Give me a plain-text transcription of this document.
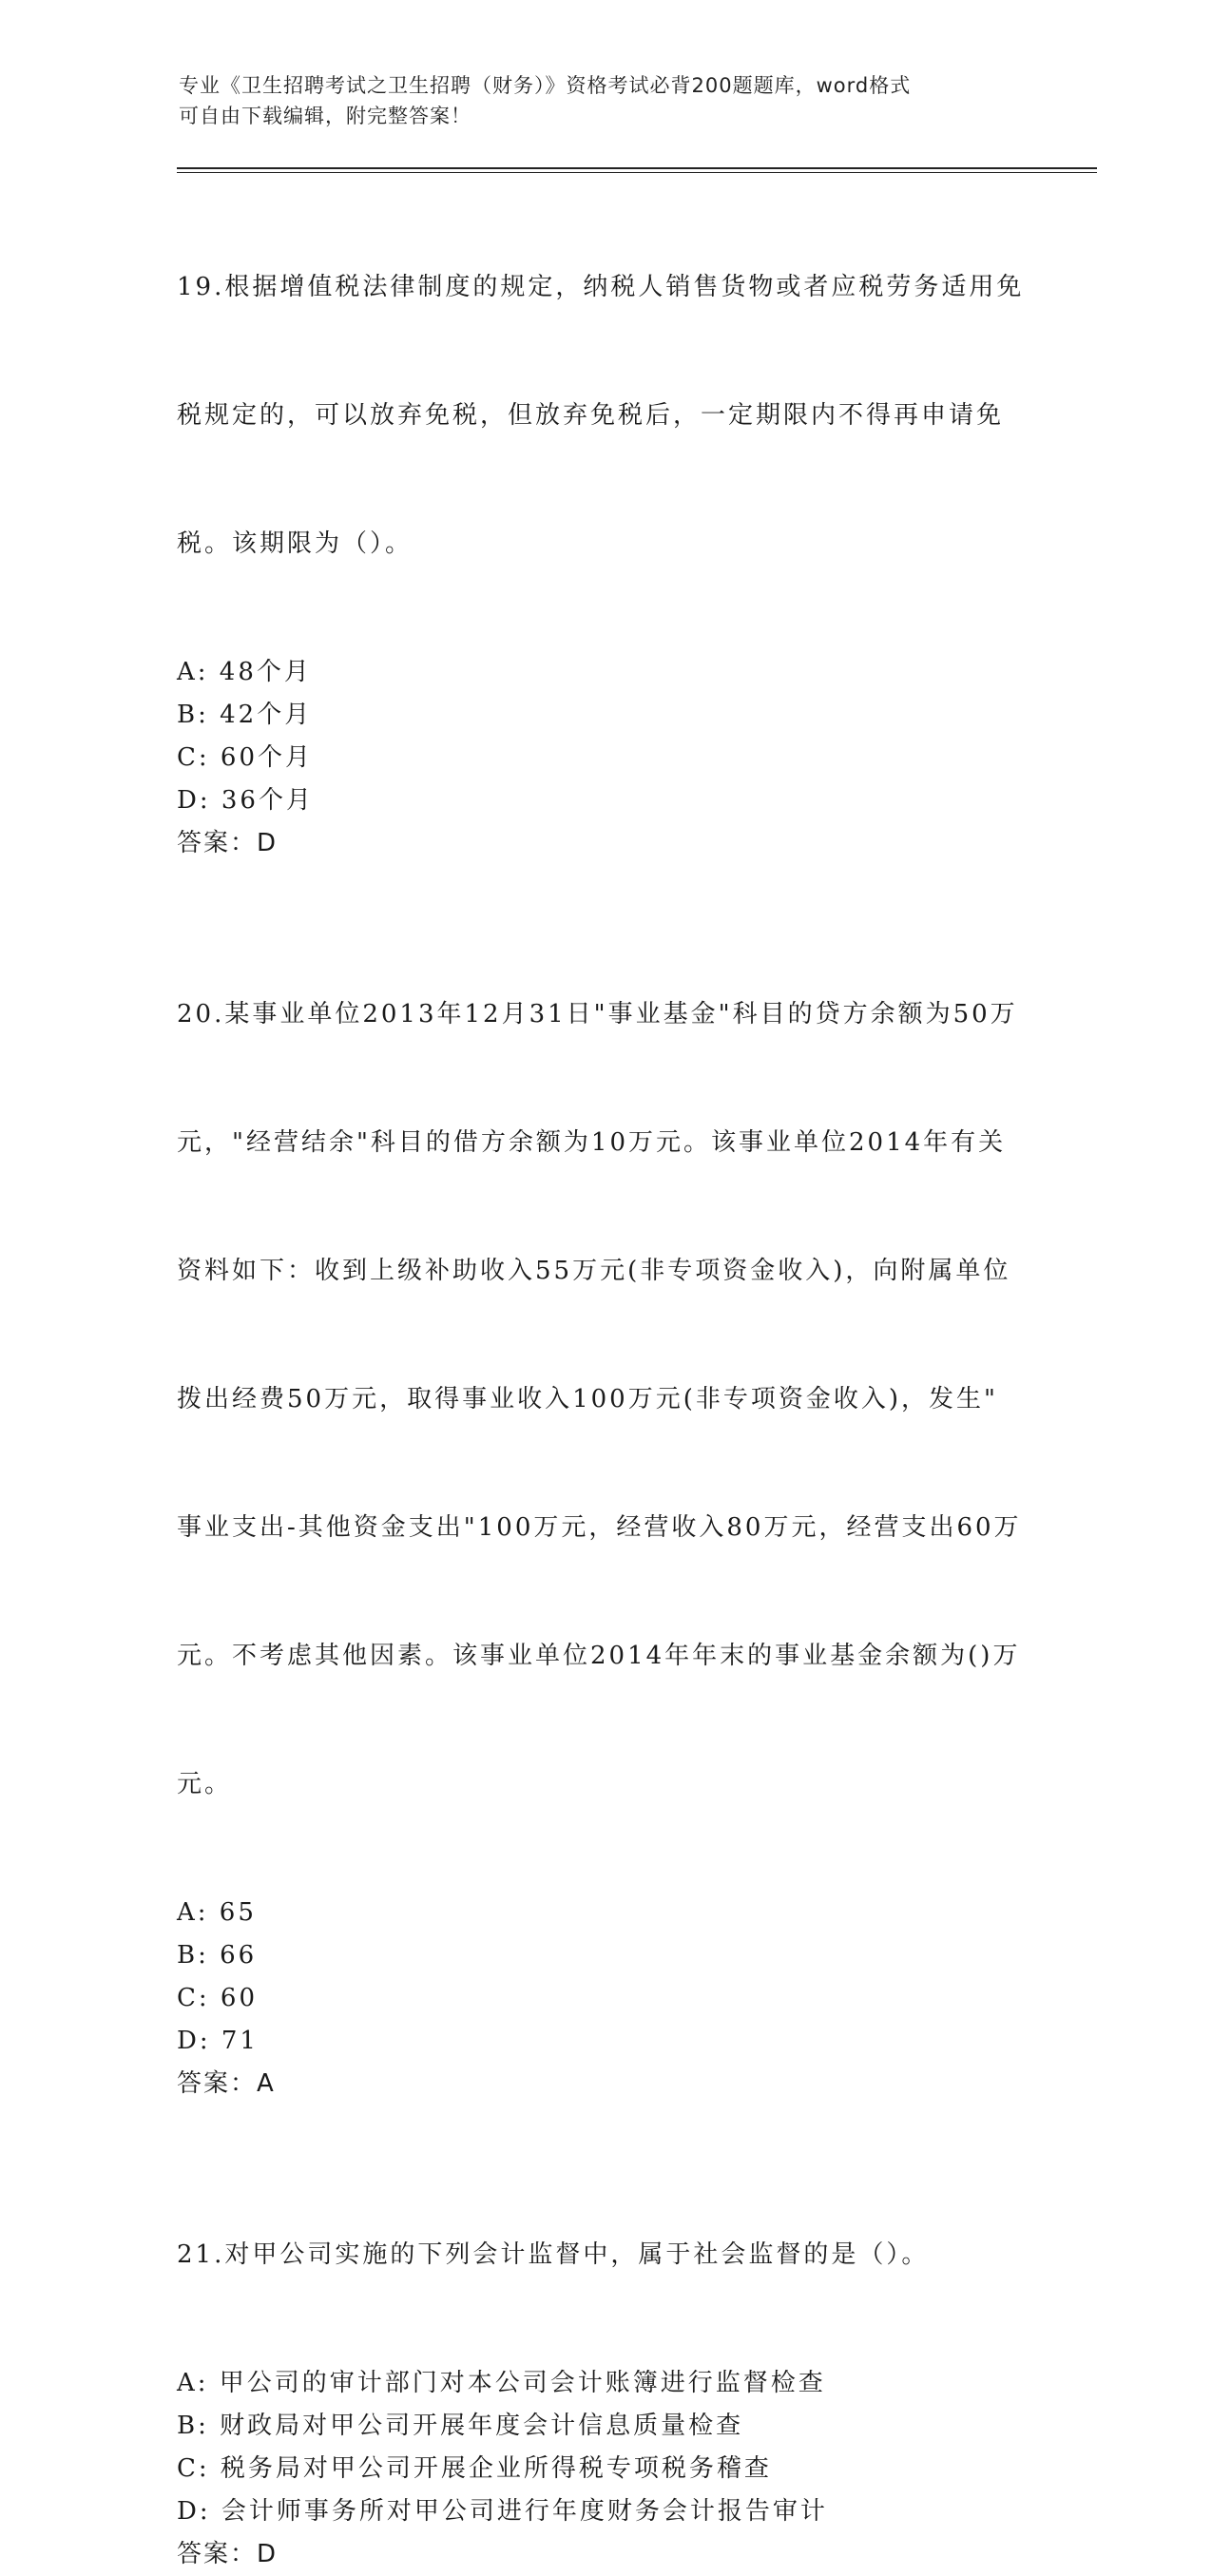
专业《卫生招聘考试之卫生招聘（财务）》资格考试必背200题题库，word格式
可自由下载编辑，附完整答案！

19.根据增值税法律制度的规定，纳税人销售货物或者应税劳务适用免

税规定的，可以放弃免税，但放弃免税后，一定期限内不得再申请免

税。该期限为（）。

A: 48个月
B: 42个月
C: 60个月
D: 36个月
答案：D

20.某事业单位2013年12月31日"事业基金"科目的贷方余额为50万

元，"经营结余"科目的借方余额为10万元。该事业单位2014年有关

资料如下：收到上级补助收入55万元(非专项资金收入)，向附属单位

拨出经费50万元，取得事业收入100万元(非专项资金收入)，发生"

事业支出-其他资金支出"100万元，经营收入80万元，经营支出60万

元。不考虑其他因素。该事业单位2014年年末的事业基金余额为()万

元。

A: 65
B: 66
C: 60
D: 71
答案：A

21.对甲公司实施的下列会计监督中，属于社会监督的是（）。

A: 甲公司的审计部门对本公司会计账簿进行监督检查
B: 财政局对甲公司开展年度会计信息质量检查
C: 税务局对甲公司开展企业所得税专项税务稽查
D: 会计师事务所对甲公司进行年度财务会计报告审计
答案：D
